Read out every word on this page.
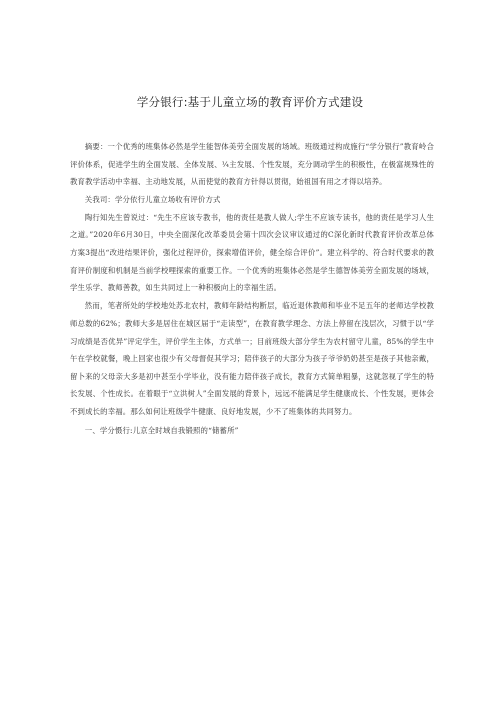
学分银行:基于儿童立场的教育评价方式建设

摘要：一个优秀的班集体必然是学生能智体美劳全面发展的场域。班级通过构成施行“学分银行”教育岭合评价体系，促进学生的全面发展、全体发展、¼主发展、个性发展，充分调动学生的积极性，在极富规殊性的教育教学活动中幸福、主动地发展，从而使觉的教育方针得以贯彻，始祖国有用之才得以培养。

关我司：学分依行儿童立场收有评价方式

陶行知先生曾说过：“先生不应该专教书，他的责任是教人做人;学生不应该专读书，他的责任是学习人生之道。”2020年6月30日，中央全面深化改革委员会第十四次会议审议通过的C深化新时代教育评价改革总体方案3提出“改进结果评价，强化过程评价，探索增值评价，健全综合评价”。建立科学的、符合时代要求的教育评价制度和机制是当前学校哩探索的重要工作。一个优秀的班集体必然是学生德智体美劳全面发展的场域，学生乐学、教师善教，如生共同过上一种积极向上的幸福生活。

然而，笔者所处的学校地处苏北农村，教师年龄结构断层，临近退休教师和毕业不足五年的老师达学校教师总数的62%；教师大多是居住在城区届于“走读型”，在教育教学理念、方法上停留在浅层次，习惯于以“学习成绩是否优异”评定学生，评价学生主体，方式单一；目前班级大部分学生为农村留守儿童，85%的学生中午在学校就餐，晚上回家也很少有父母督促其学习；陪伴孩子的大部分为孩子爷爷奶奶甚至是孩子其他亲戴，留卜来的父母亲大多是初中甚至小学毕业，没有能力陪伴孩子成长，教育方式简单粗暴，这就忽视了学生的特长发展、个性成长。在着眼于“立洪树人”全面发展的背景卜，远远不能满足学生健康成长、个性发展，更体会不到成长的幸福。那么如何让班级学牛健康、良好地发展，少不了班集体的共同努力。

一、学分慑行:儿京全时域自我锻照的“储蓄所”
